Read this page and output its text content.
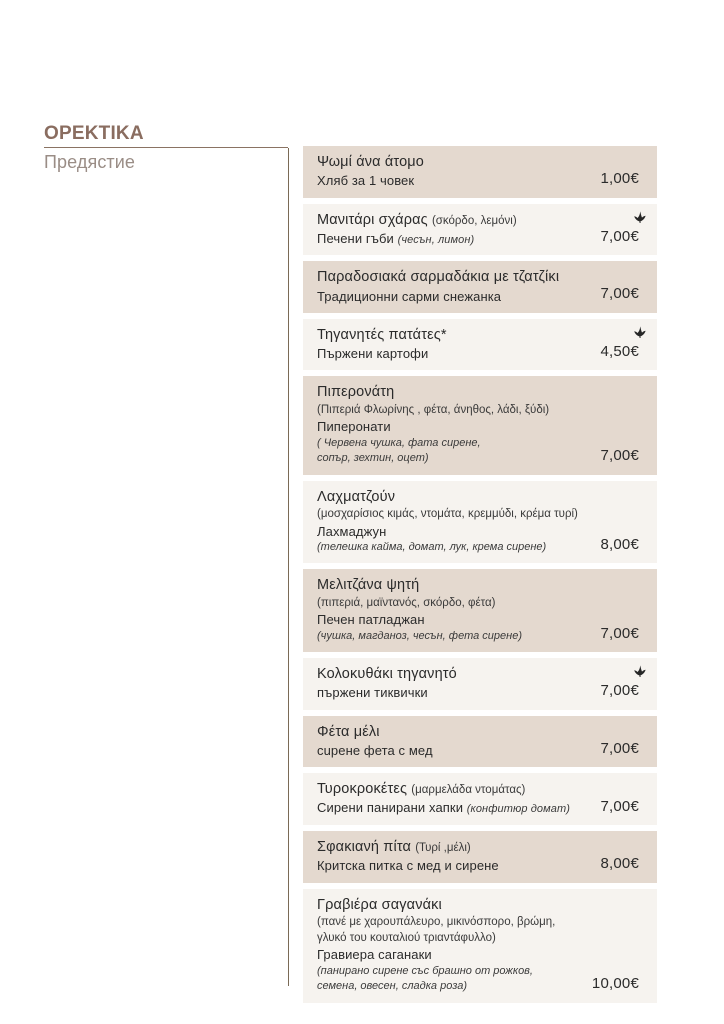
ΟΡΕΚΤΙΚΑ

Предястие	Ψωμί άνα άτομο
Хляб за 1 човек	1,00€
Μανιτάρι σχάρας (σκόρδο, λεμόνι)
Печени гъби (чесън, лимон)	7,00€
Παραδοσιακά σαρμαδάκια με τζατζίκι
Традиционни сарми снежанка	7,00€
Τηγανητές πατάτες*
Пържени картофи	4,50€
Πιπερονάτη
(Πιπεριά Φλωρίνης , φέτα, άνηθος, λάδι, ξύδι)
Пиперонати
( Червена чушка, фата сирене,
coпър, зехтин, оцет)	7,00€
Λαχματζούν
(μοσχαρίσιος κιμάς, ντομάτα, κρεμμύδι, κρέμα τυρί)
Лахмаджун
(телешка кайма, домат, лук, крема сирене)	8,00€
Μελιτζάνα ψητή
(πιπεριά, μαϊντανός, σκόρδο, φέτα)
Печен патладжан
(чушка, магданоз, чесън, фета сирене)	7,00€
Κολοκυθάκι τηγανητό
пържени тиквички	7,00€
Φέτα μέλι
cupeне фета с мед	7,00€
Τυροκροκέτες (μαρμελάδα ντομάτας)
Сирени панирани хапки (конфитюр домат)	7,00€
Σφακιανή πίτα (Τυρί ,μέλι)
Критска питка с мед и сирене	8,00€
Γραβιέρα σαγανάκι
(πανέ με χαρουπάλευρο, μικινόσπορο, βρώμη,
γλυκό του κουταλιού τριαντάφυλλο)
Гравиера саганаки
(панирано сирене със брашно от рожков,
семена, овесен, сладка роза)	10,00€
